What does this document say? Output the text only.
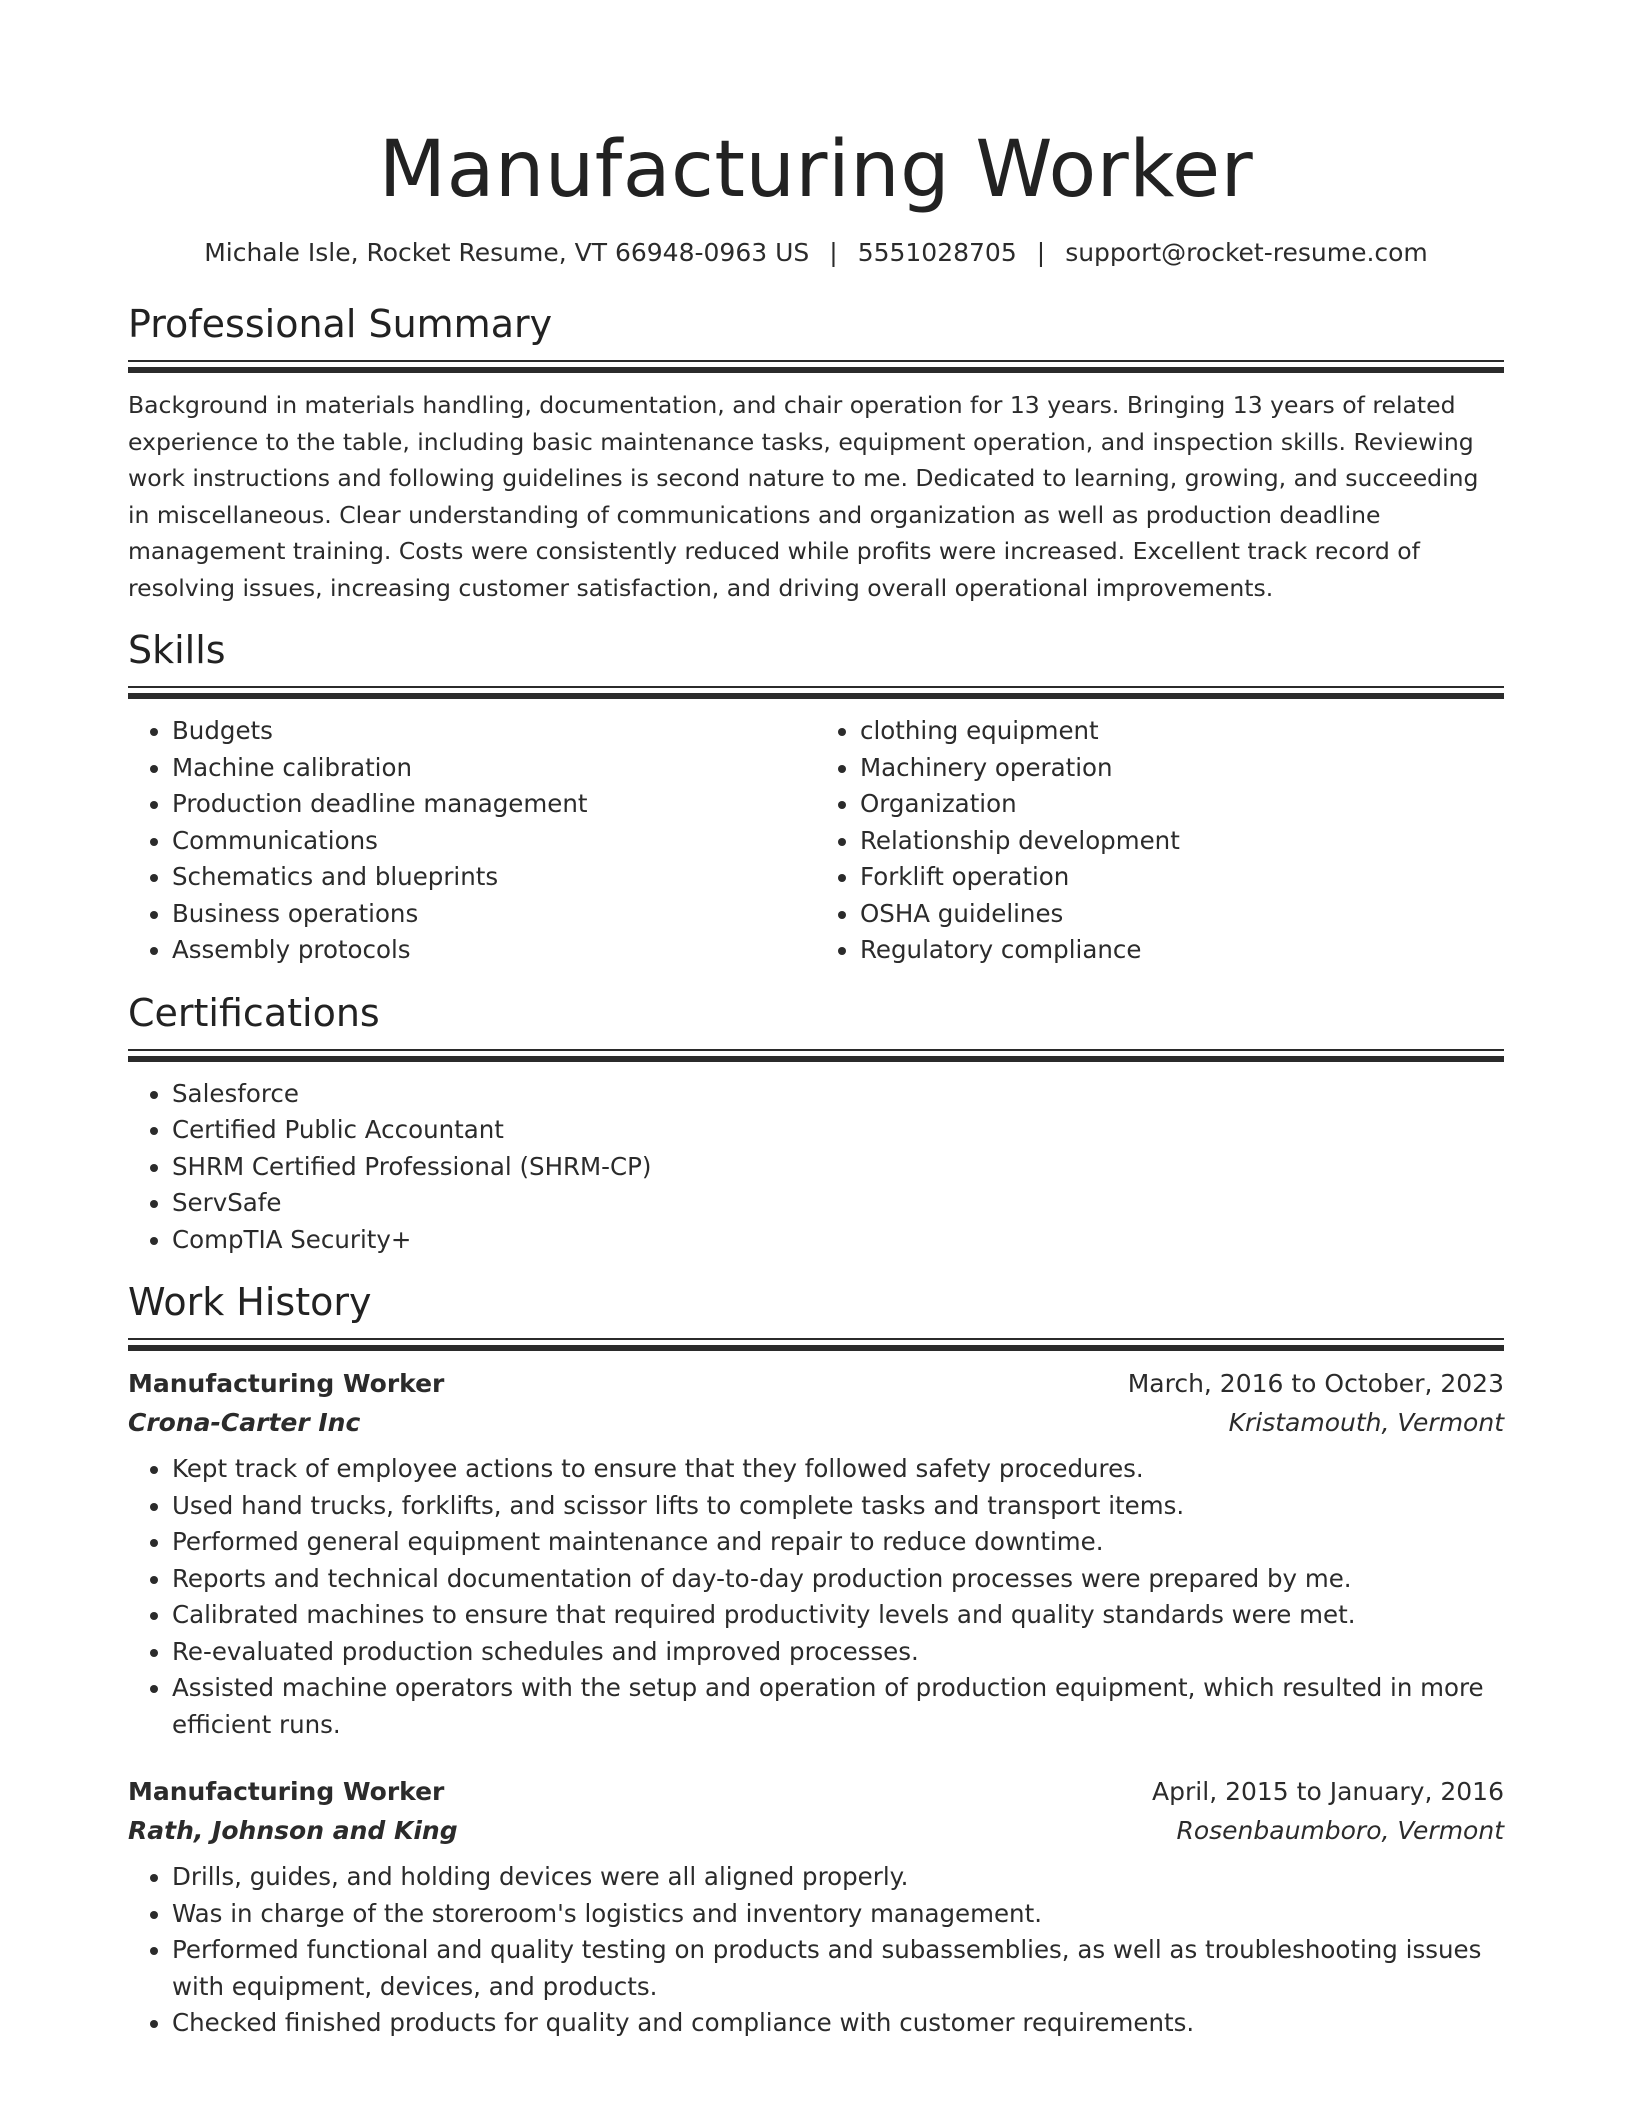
Manufacturing Worker
Michale Isle, Rocket Resume, VT 66948-0963 US | 5551028705 | support@rocket-resume.com
Professional Summary

Background in materials handling, documentation, and chair operation for 13 years. Bringing 13 years of related experience to the table, including basic maintenance tasks, equipment operation, and inspection skills. Reviewing work instructions and following guidelines is second nature to me. Dedicated to learning, growing, and succeeding in miscellaneous. Clear understanding of communications and organization as well as production deadline management training. Costs were consistently reduced while profits were increased. Excellent track record of resolving issues, increasing customer satisfaction, and driving overall operational improvements.

Skills
• Budgets
• Machine calibration
• Production deadline management
• Communications
• Schematics and blueprints
• Business operations
• Assembly protocols
• clothing equipment
• Machinery operation
• Organization
• Relationship development
• Forklift operation
• OSHA guidelines
• Regulatory compliance
Certifications
• Salesforce
• Certified Public Accountant
• SHRM Certified Professional (SHRM-CP)
• ServSafe
• CompTIA Security+
Work History
Manufacturing Worker	March, 2016 to October, 2023
Crona-Carter Inc	Kristamouth, Vermont
• Kept track of employee actions to ensure that they followed safety procedures.
• Used hand trucks, forklifts, and scissor lifts to complete tasks and transport items.
• Performed general equipment maintenance and repair to reduce downtime.
• Reports and technical documentation of day-to-day production processes were prepared by me.
• Calibrated machines to ensure that required productivity levels and quality standards were met.
• Re-evaluated production schedules and improved processes.
• Assisted machine operators with the setup and operation of production equipment, which resulted in more efficient runs.
Manufacturing Worker	April, 2015 to January, 2016
Rath, Johnson and King	Rosenbaumboro, Vermont
• Drills, guides, and holding devices were all aligned properly.
• Was in charge of the storeroom's logistics and inventory management.
• Performed functional and quality testing on products and subassemblies, as well as troubleshooting issues with equipment, devices, and products.
• Checked finished products for quality and compliance with customer requirements.
